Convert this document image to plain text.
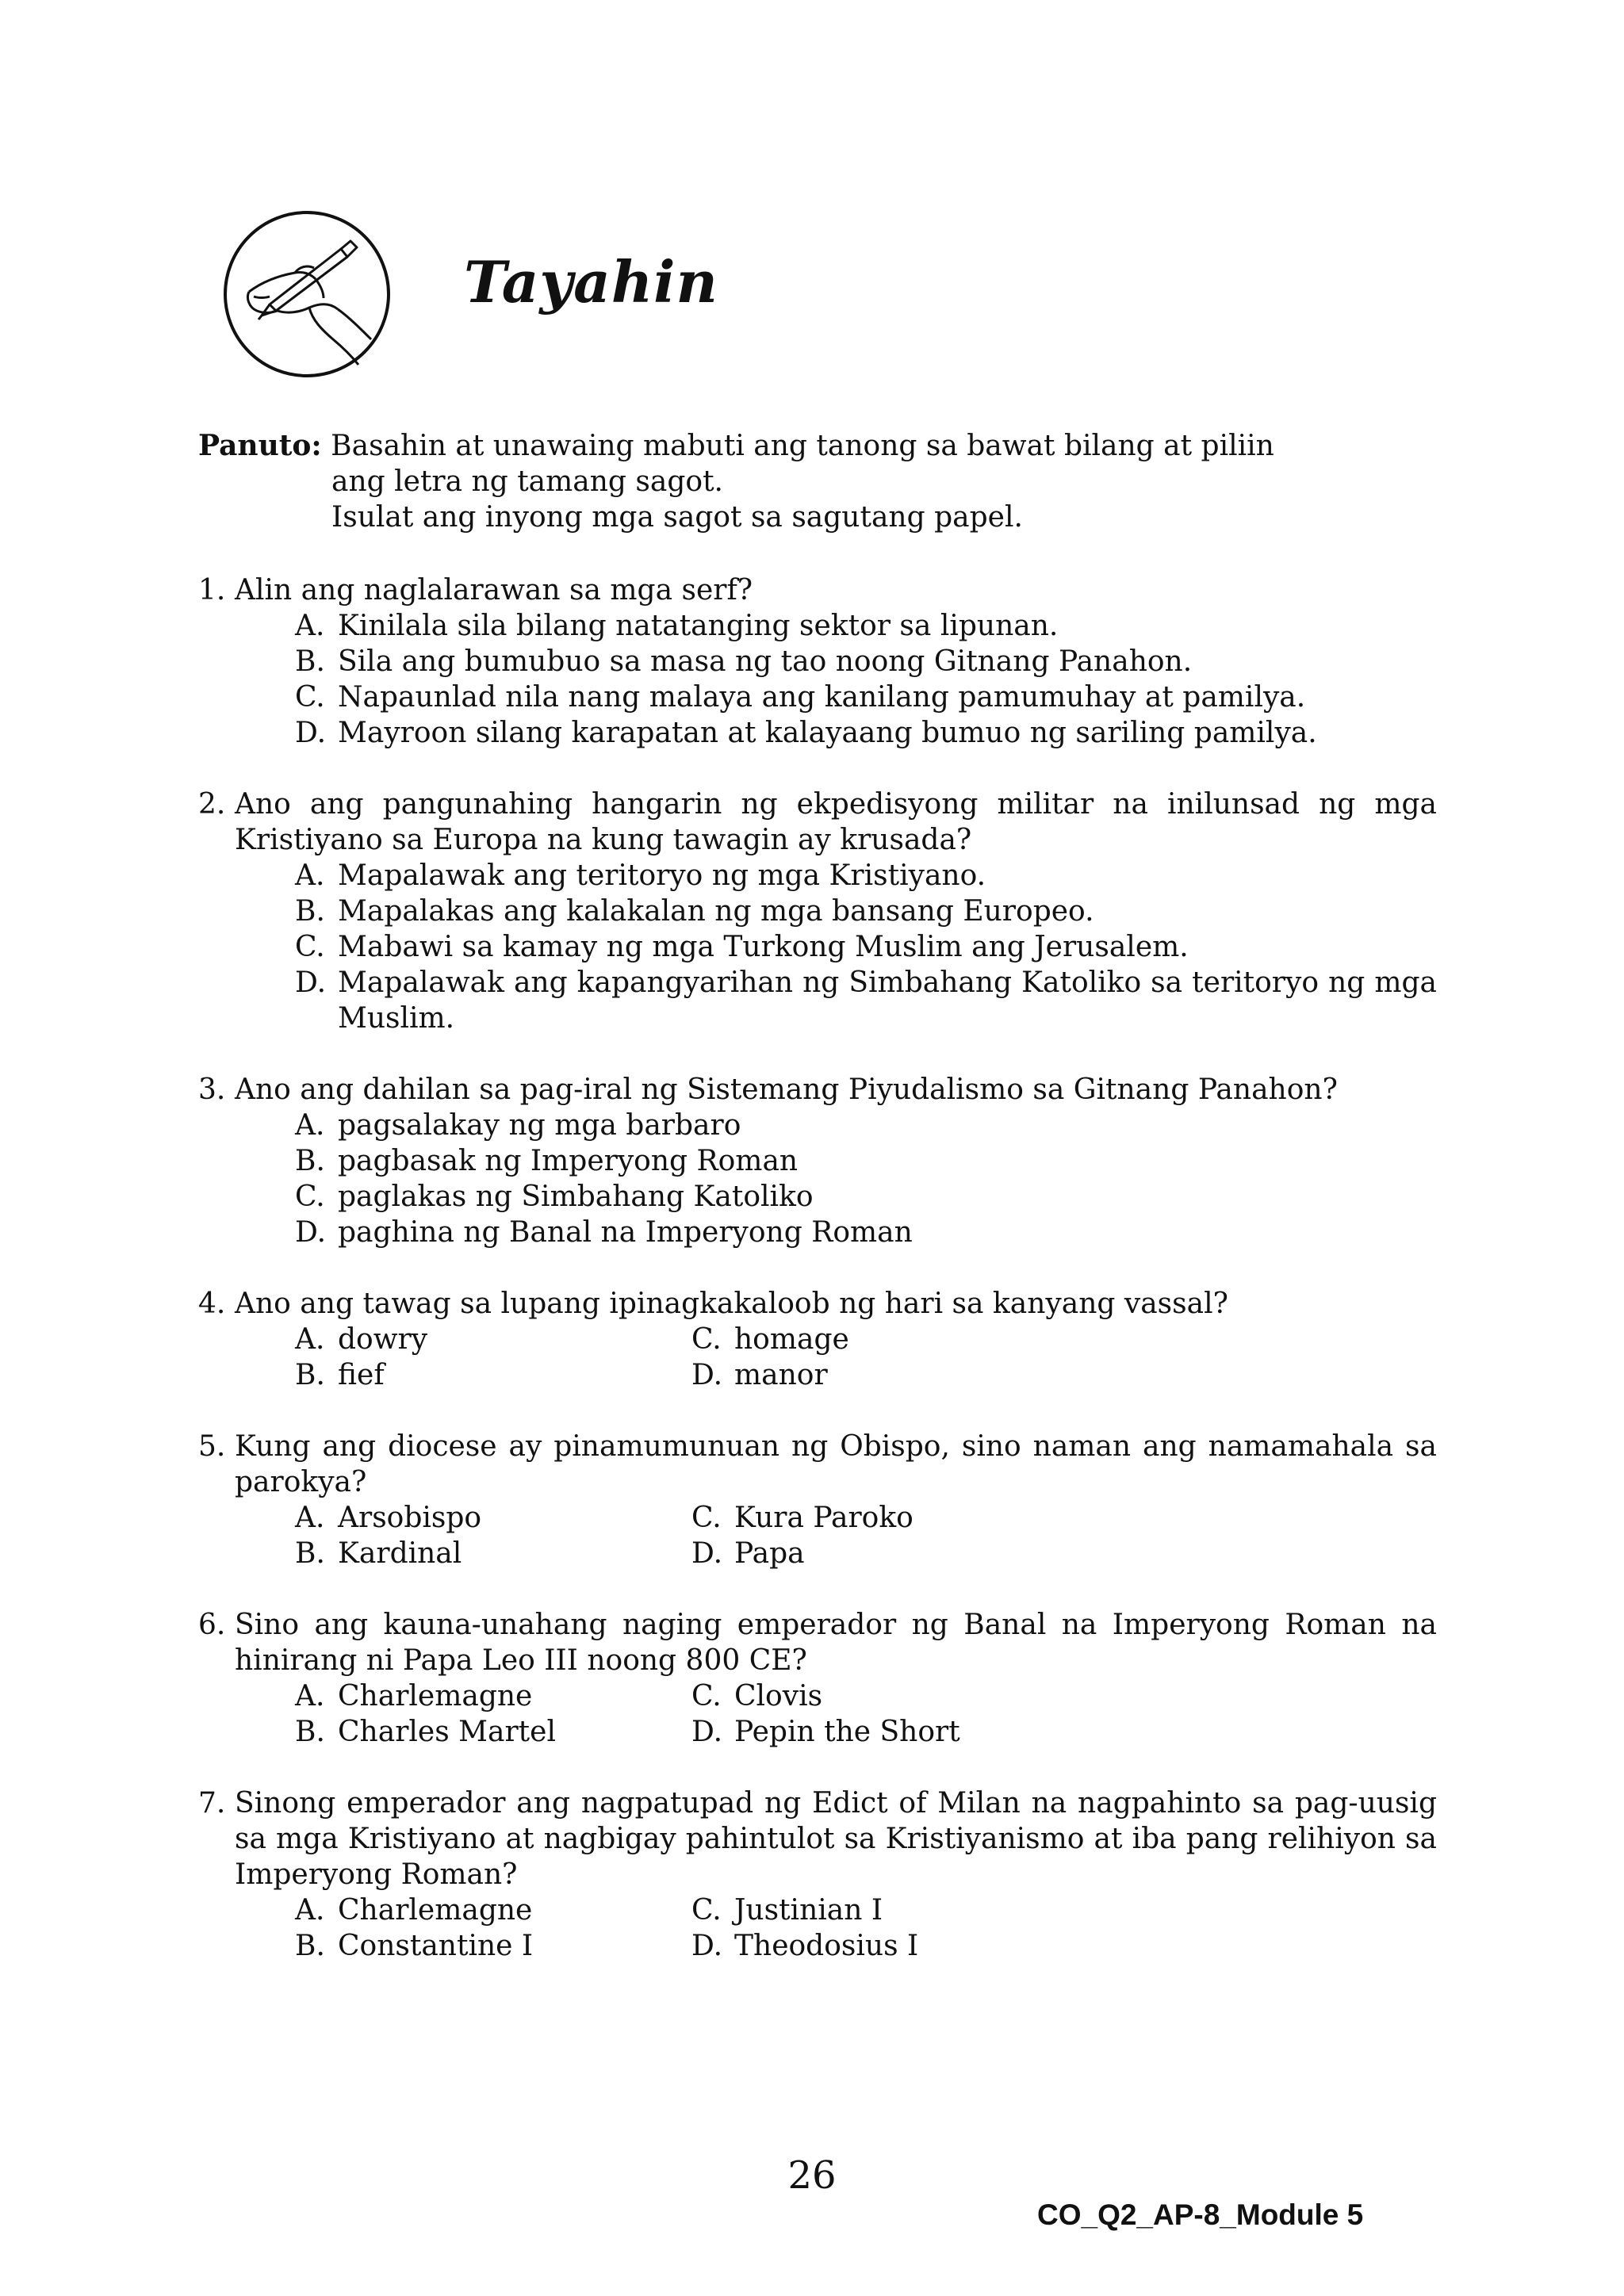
Tayahin
Panuto: Basahin at unawaing mabuti ang tanong sa bawat bilang at piliin
ang letra ng tamang sagot.
Isulat ang inyong mga sagot sa sagutang papel.
1. Alin ang naglalarawan sa mga serf?
A. Kinilala sila bilang natatanging sektor sa lipunan.
B. Sila ang bumubuo sa masa ng tao noong Gitnang Panahon.
C. Napaunlad nila nang malaya ang kanilang pamumuhay at pamilya.
D. Mayroon silang karapatan at kalayaang bumuo ng sariling pamilya.
2. Ano ang pangunahing hangarin ng ekpedisyong militar na inilunsad ng mga Kristiyano sa Europa na kung tawagin ay krusada?
A. Mapalawak ang teritoryo ng mga Kristiyano.
B. Mapalakas ang kalakalan ng mga bansang Europeo.
C. Mabawi sa kamay ng mga Turkong Muslim ang Jerusalem.
D. Mapalawak ang kapangyarihan ng Simbahang Katoliko sa teritoryo ng mga Muslim.
3. Ano ang dahilan sa pag-iral ng Sistemang Piyudalismo sa Gitnang Panahon?
A. pagsalakay ng mga barbaro
B. pagbasak ng Imperyong Roman
C. paglakas ng Simbahang Katoliko
D. paghina ng Banal na Imperyong Roman
4. Ano ang tawag sa lupang ipinagkakaloob ng hari sa kanyang vassal?
A. dowry	C. homage
B. fief	D. manor
5. Kung ang diocese ay pinamumunuan ng Obispo, sino naman ang namamahala sa parokya?
A. Arsobispo	C. Kura Paroko
B. Kardinal	D. Papa
6. Sino ang kauna-unahang naging emperador ng Banal na Imperyong Roman na hinirang ni Papa Leo III noong 800 CE?
A. Charlemagne	C. Clovis
B. Charles Martel	D. Pepin the Short
7. Sinong emperador ang nagpatupad ng Edict of Milan na nagpahinto sa pag-uusig sa mga Kristiyano at nagbigay pahintulot sa Kristiyanismo at iba pang relihiyon sa Imperyong Roman?
A. Charlemagne	C. Justinian I
B. Constantine I	D. Theodosius I
26
CO_Q2_AP-8_Module 5
